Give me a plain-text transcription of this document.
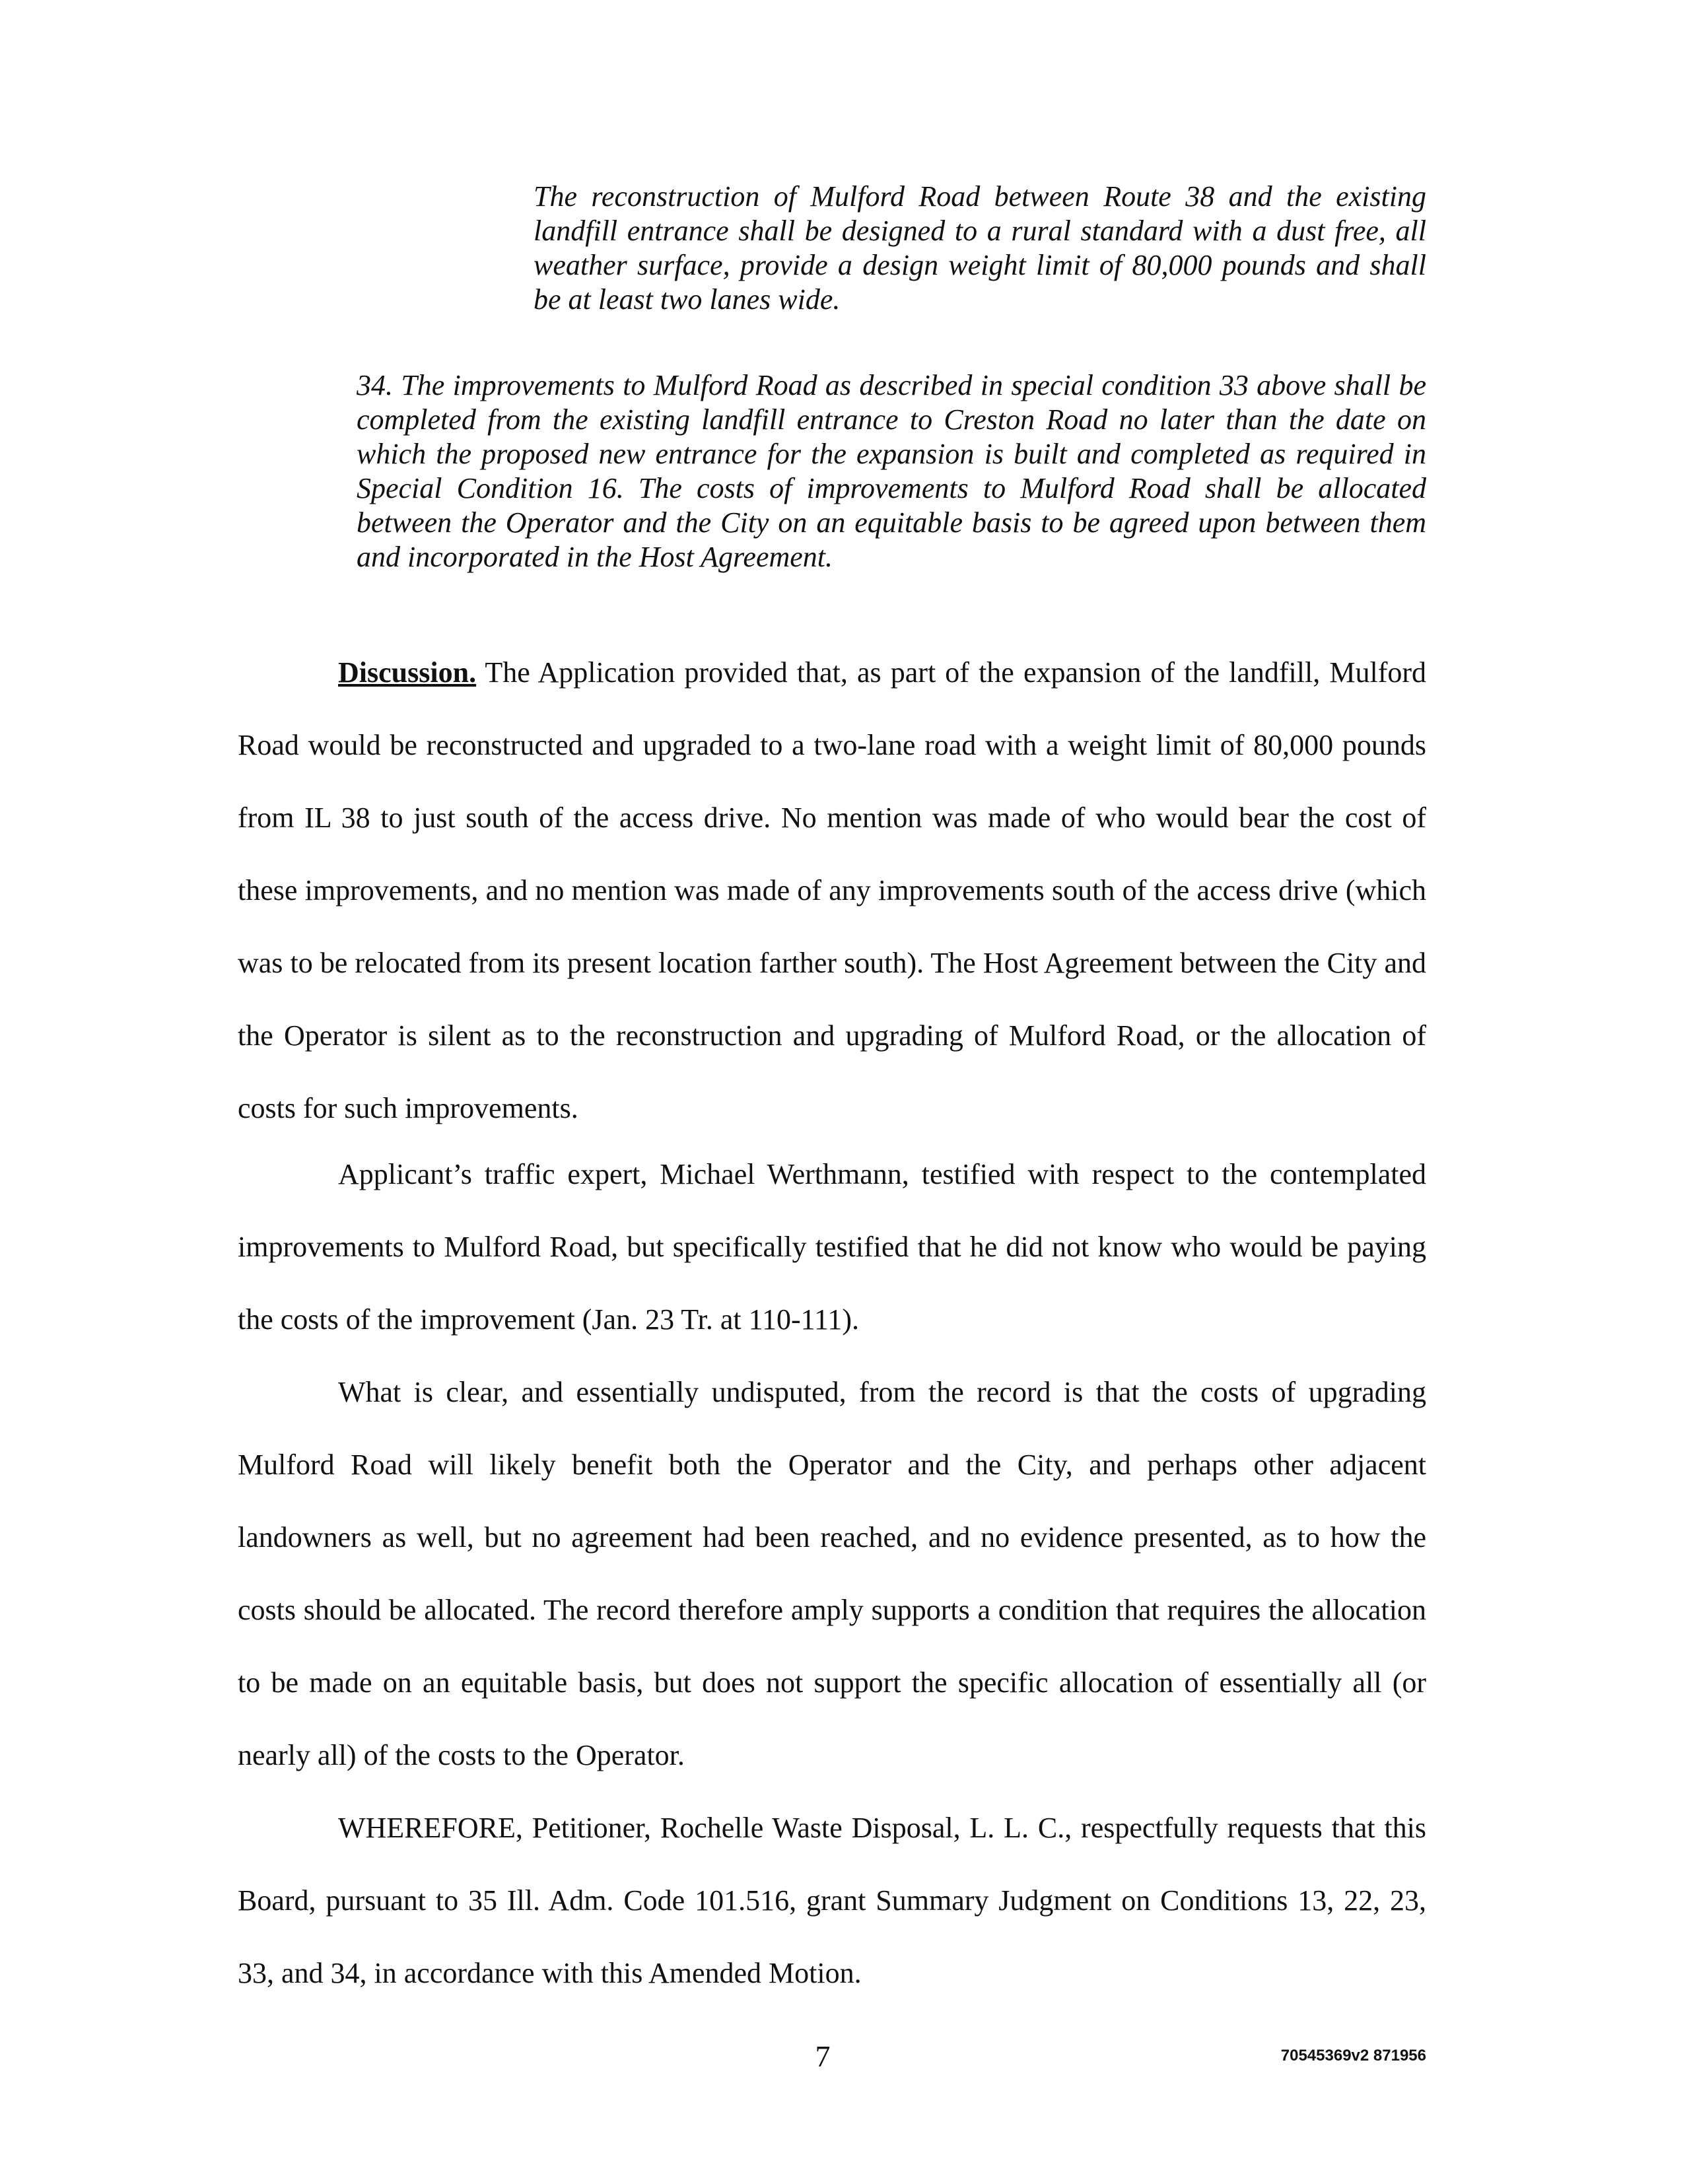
The reconstruction of Mulford Road between Route 38 and the existing landfill entrance shall be designed to a rural standard with a dust free, all weather surface, provide a design weight limit of 80,000 pounds and shall be at least two lanes wide.
34. The improvements to Mulford Road as described in special condition 33 above shall be completed from the existing landfill entrance to Creston Road no later than the date on which the proposed new entrance for the expansion is built and completed as required in Special Condition 16. The costs of improvements to Mulford Road shall be allocated between the Operator and the City on an equitable basis to be agreed upon between them and incorporated in the Host Agreement.

Discussion. The Application provided that, as part of the expansion of the landfill, Mulford Road would be reconstructed and upgraded to a two-lane road with a weight limit of 80,000 pounds from IL 38 to just south of the access drive. No mention was made of who would bear the cost of these improvements, and no mention was made of any improvements south of the access drive (which was to be relocated from its present location farther south). The Host Agreement between the City and the Operator is silent as to the reconstruction and upgrading of Mulford Road, or the allocation of costs for such improvements.

Applicant’s traffic expert, Michael Werthmann, testified with respect to the contemplated improvements to Mulford Road, but specifically testified that he did not know who would be paying the costs of the improvement (Jan. 23 Tr. at 110-111).

What is clear, and essentially undisputed, from the record is that the costs of upgrading Mulford Road will likely benefit both the Operator and the City, and perhaps other adjacent landowners as well, but no agreement had been reached, and no evidence presented, as to how the costs should be allocated. The record therefore amply supports a condition that requires the allocation to be made on an equitable basis, but does not support the specific allocation of essentially all (or nearly all) of the costs to the Operator.

WHEREFORE, Petitioner, Rochelle Waste Disposal, L. L. C., respectfully requests that this Board, pursuant to 35 Ill. Adm. Code 101.516, grant Summary Judgment on Conditions 13, 22, 23, 33, and 34, in accordance with this Amended Motion.

7	70545369v2 871956
